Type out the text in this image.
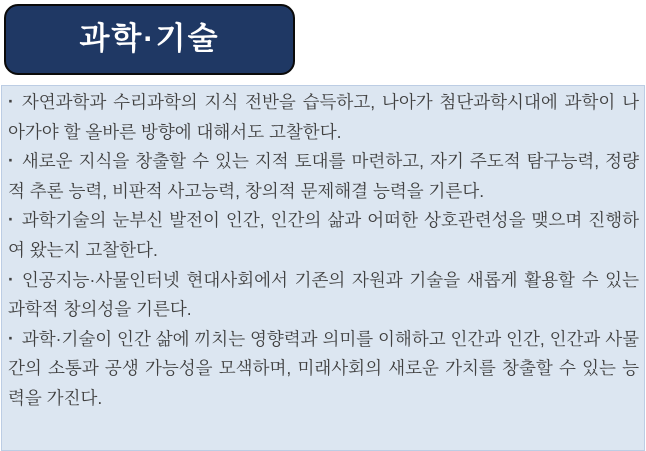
과학·기술

· 자연과학과 수리과학의 지식 전반을 습득하고, 나아가 첨단과학시대에 과학이 나아가야 할 올바른 방향에 대해서도 고찰한다.

· 새로운 지식을 창출할 수 있는 지적 토대를 마련하고, 자기 주도적 탐구능력, 정량적 추론 능력, 비판적 사고능력, 창의적 문제해결 능력을 기른다.

· 과학기술의 눈부신 발전이 인간, 인간의 삶과 어떠한 상호관련성을 맺으며 진행하여 왔는지 고찰한다.

· 인공지능·사물인터넷 현대사회에서 기존의 자원과 기술을 새롭게 활용할 수 있는 과학적 창의성을 기른다.

· 과학·기술이 인간 삶에 끼치는 영향력과 의미를 이해하고 인간과 인간, 인간과 사물 간의 소통과 공생 가능성을 모색하며, 미래사회의 새로운 가치를 창출할 수 있는 능력을 가진다.
